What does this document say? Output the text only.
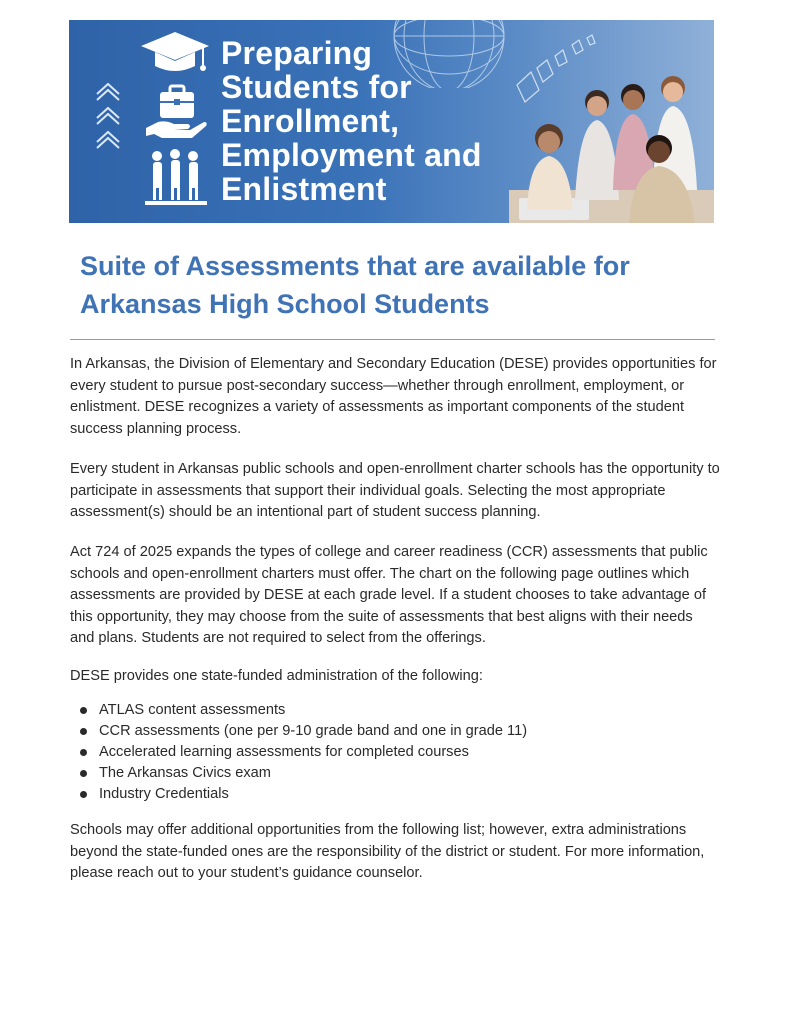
Preparing
Students for
Enrollment,
Employment and
Enlistment
Suite of Assessments that are available for
Arkansas High School Students

In Arkansas, the Division of Elementary and Secondary Education (DESE) provides opportunities for every student to pursue post-secondary success—whether through enrollment, employment, or enlistment. DESE recognizes a variety of assessments as important components of the student success planning process.

Every student in Arkansas public schools and open-enrollment charter schools has the opportunity to participate in assessments that support their individual goals. Selecting the most appropriate assessment(s) should be an intentional part of student success planning.

Act 724 of 2025 expands the types of college and career readiness (CCR) assessments that public schools and open-enrollment charters must offer. The chart on the following page outlines which assessments are provided by DESE at each grade level. If a student chooses to take advantage of this opportunity, they may choose from the suite of assessments that best aligns with their needs and plans. Students are not required to select from the offerings.

DESE provides one state-funded administration of the following:

ATLAS content assessments
CCR assessments (one per 9-10 grade band and one in grade 11)
Accelerated learning assessments for completed courses
The Arkansas Civics exam
Industry Credentials

Schools may offer additional opportunities from the following list; however, extra administrations beyond the state-funded ones are the responsibility of the district or student. For more information, please reach out to your student’s guidance counselor.
